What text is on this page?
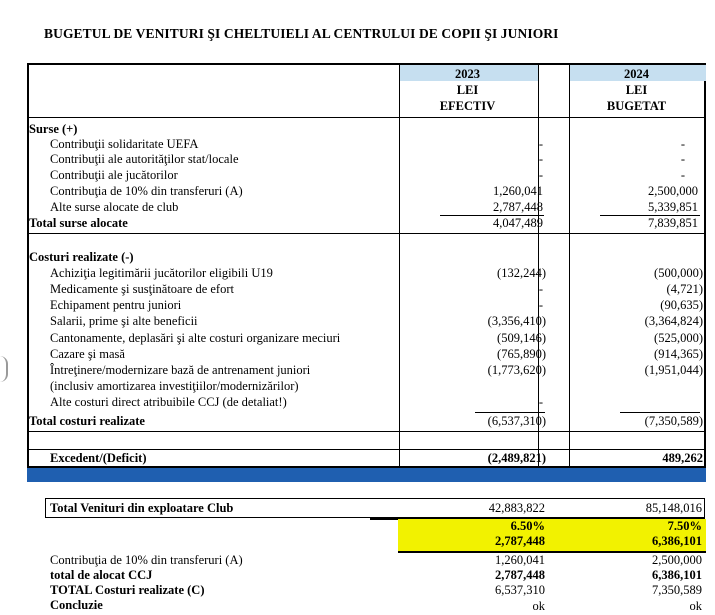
BUGETUL DE VENITURI ŞI CHELTUIELI AL CENTRULUI DE COPII ŞI JUNIORI
2023
LEI
EFECTIV
2024
LEI
BUGETAT
Surse (+)
Contribuţii solidaritate UEFA	-	-
Contribuţii ale autorităţilor stat/locale	-	-
Contribuţii ale jucătorilor	-	-
Contribuţia de 10% din transferuri (A)	1,260,041	2,500,000
Alte surse alocate de club	2,787,448	5,339,851
Total surse alocate	4,047,489	7,839,851
Costuri realizate (-)
Achiziţia legitimării jucătorilor eligibili U19	(132,244)	(500,000)
Medicamente şi susţinătoare de efort	-	(4,721)
Echipament pentru juniori	-	(90,635)
Salarii, prime şi alte beneficii	(3,356,410)	(3,364,824)
Cantonamente, deplasări şi alte costuri organizare meciuri	(509,146)	(525,000)
Cazare şi masă	(765,890)	(914,365)
Întreţinere/modernizare bază de antrenament juniori	(1,773,620)	(1,951,044)
(inclusiv amortizarea investiţiilor/modernizărilor)
Alte costuri direct atribuibile CCJ (de detaliat!)	-
Total costuri realizate	(6,537,310)	(7,350,589)
Excedent/(Deficit)	(2,489,821)	489,262
Total Venituri din exploatare Club	42,883,822	85,148,016
6.50%	7.50%
2,787,448	6,386,101
Contribuţia de 10% din transferuri (A)	1,260,041	2,500,000
total de alocat CCJ	2,787,448	6,386,101
TOTAL Costuri realizate (C)	6,537,310	7,350,589
Concluzie	ok	ok
